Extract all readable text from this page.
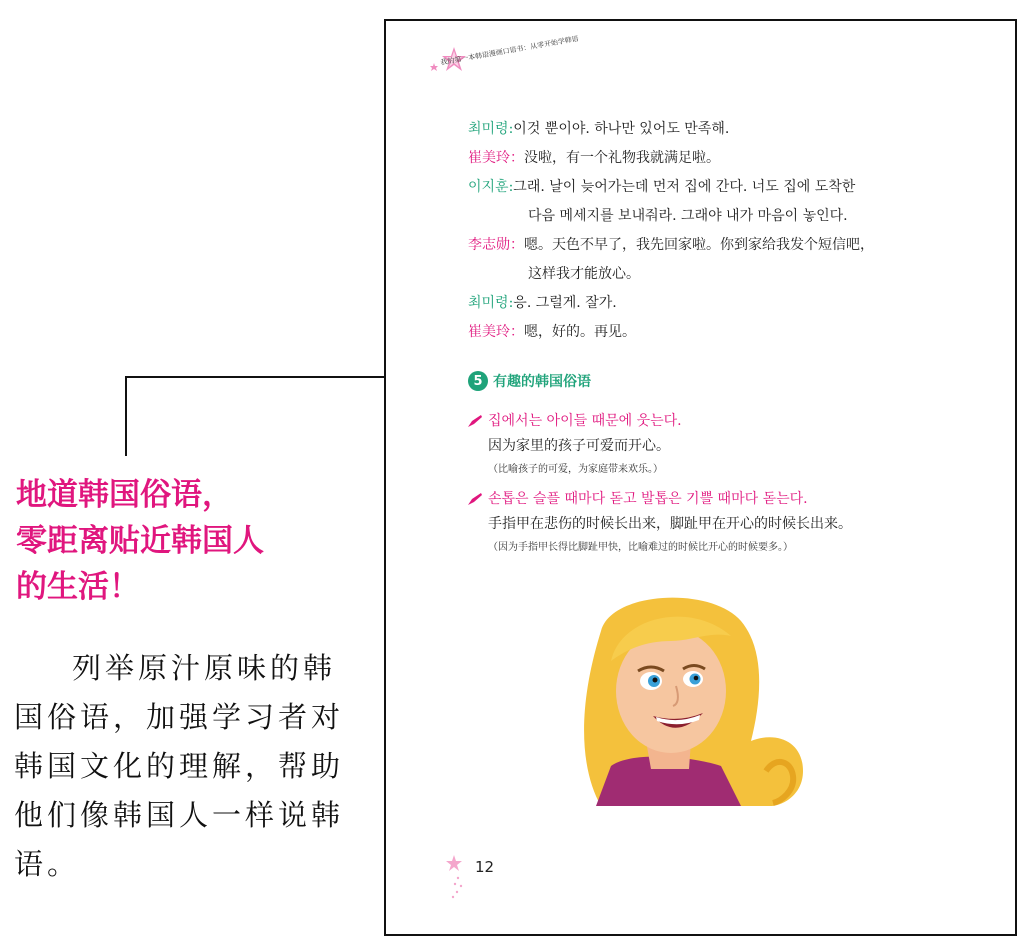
地道韩国俗语，
零距离贴近韩国人
的生活！
列举原汁原味的韩国俗语，加强学习者对韩国文化的理解，帮助他们像韩国人一样说韩语。
我的第一本韩语漫画口语书：从零开始学韩语
최미령: 이것 뿐이야. 하나만 있어도 만족해.
崔美玲： 没啦，有一个礼物我就满足啦。
이지훈: 그래. 날이 늦어가는데 먼저 집에 간다. 너도 집에 도착한
다음 메세지를 보내줘라. 그래야 내가 마음이 놓인다.
李志勋： 嗯。天色不早了，我先回家啦。你到家给我发个短信吧，
这样我才能放心。
최미령: 응. 그럴게. 잘가.
崔美玲： 嗯，好的。再见。
5 有趣的韩国俗语
집에서는 아이들 때문에 웃는다.
因为家里的孩子可爱而开心。
（比喻孩子的可爱，为家庭带来欢乐。）
손톱은 슬플 때마다 돋고 발톱은 기쁠 때마다 돋는다.
手指甲在悲伤的时候长出来，脚趾甲在开心的时候长出来。
（因为手指甲长得比脚趾甲快，比喻难过的时候比开心的时候要多。）
12
